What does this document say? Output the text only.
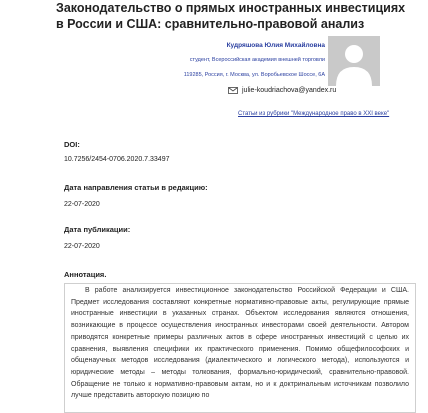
Законодательство о прямых иностранных инвестициях в России и США: сравнительно-правовой анализ
Кудряшова Юлия Михайловна
студент, Всероссийская академия внешней торговли
119285, Россия, г. Москва, ул. Воробьевское Шоссе, 6А
julie-koudriachova@yandex.ru
Статьи из рубрики "Международное право в XXI веке"
DOI:
10.7256/2454-0706.2020.7.33497
Дата направления статьи в редакцию:
22-07-2020
Дата публикации:
22-07-2020
Аннотация.
В работе анализируется инвестиционное законодательство Российской Федерации и США. Предмет исследования составляют конкретные нормативно-правовые акты, регулирующие прямые иностранные инвестиции в указанных странах. Объектом исследования являются отношения, возникающие в процессе осуществления иностранных инвесторами своей деятельности. Автором приводятся конкретные примеры различных актов в сфере иностранных инвестиций с целью их сравнения, выявления специфики их практического применения. Помимо общефилософских и общенаучных методов исследования (диалектического и логического метода), используются и юридические методы – методы толкования, формально-юридический, сравнительно-правовой. Обращение не только к нормативно-правовым актам, но и к доктринальным источникам позволило лучше представить авторскую позицию по
